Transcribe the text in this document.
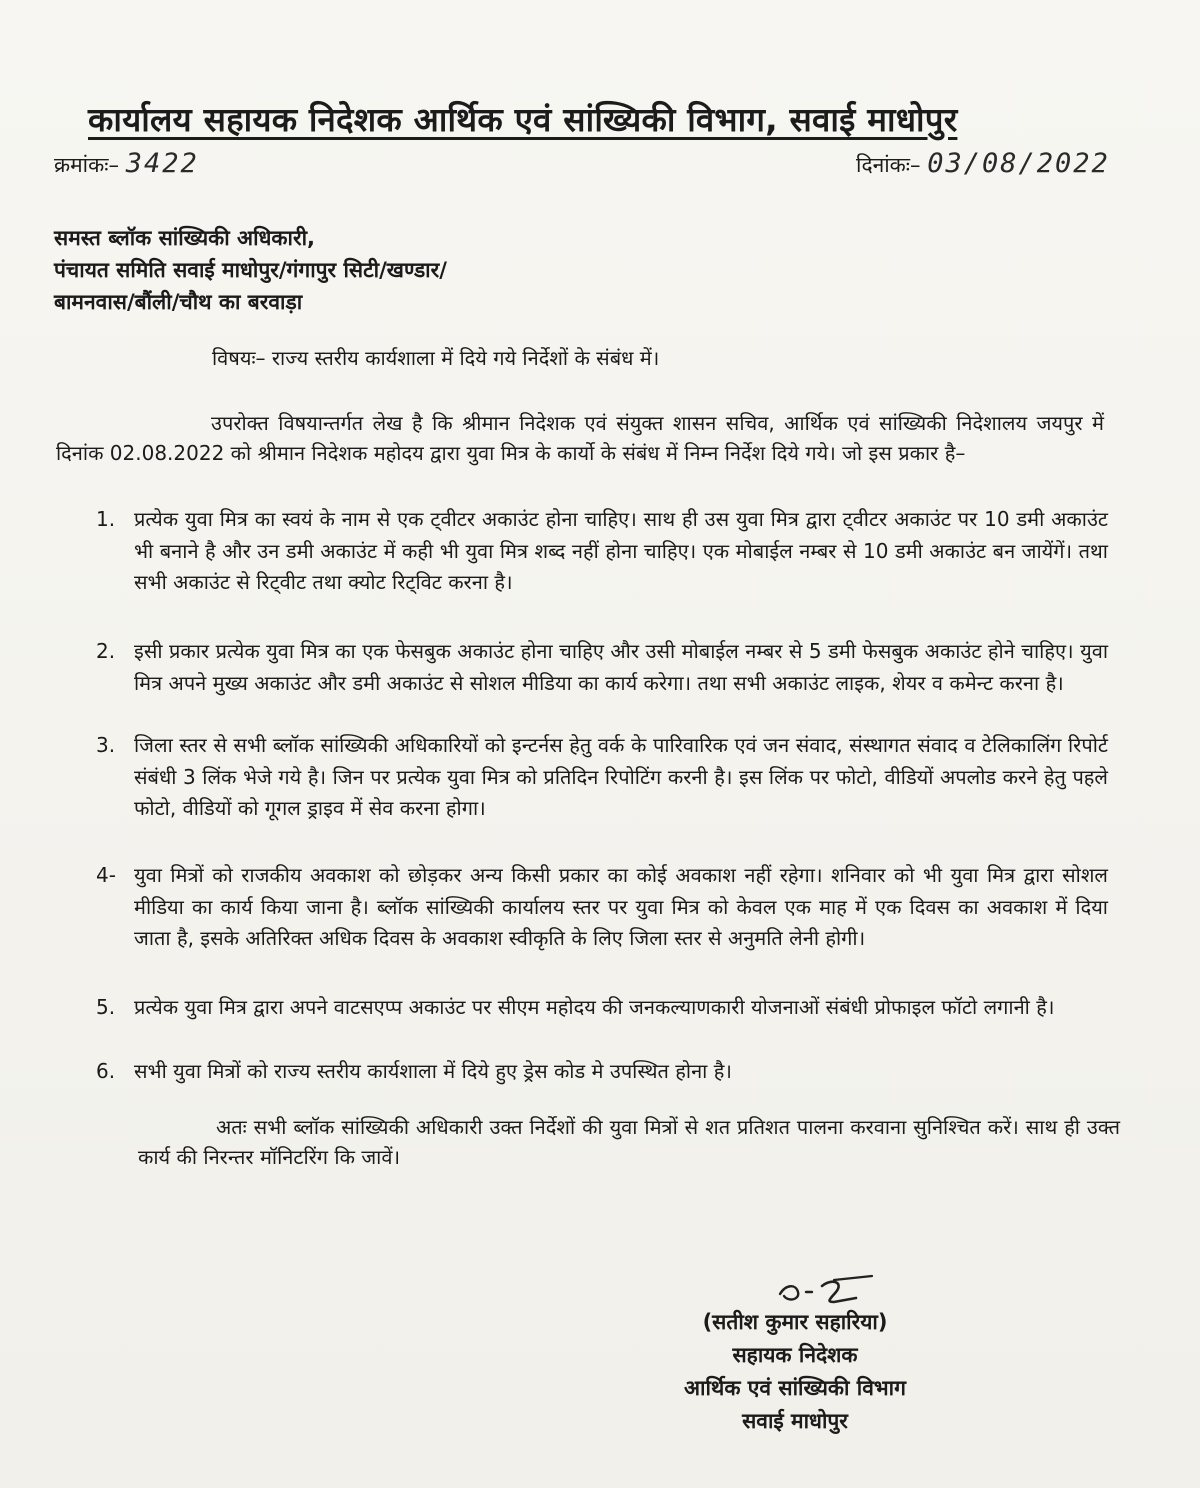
कार्यालय सहायक निदेशक आर्थिक एवं सांख्यिकी विभाग, सवाई माधोपुर
क्रमांकः– 3422	दिनांकः– 03/08/2022
समस्त ब्लॉक सांख्यिकी अधिकारी,
पंचायत समिति सवाई माधोपुर/गंगापुर सिटी/खण्डार/
बामनवास/बौंली/चौथ का बरवाड़ा
विषयः– राज्य स्तरीय कार्यशाला में दिये गये निर्देशों के संबंध में।
उपरोक्त विषयान्तर्गत लेख है कि श्रीमान निदेशक एवं संयुक्त शासन सचिव, आर्थिक एवं सांख्यिकी निदेशालय जयपुर में दिनांक 02.08.2022 को श्रीमान निदेशक महोदय द्वारा युवा मित्र के कार्यो के संबंध में निम्न निर्देश दिये गये। जो इस प्रकार है–
1. प्रत्येक युवा मित्र का स्वयं के नाम से एक ट्वीटर अकाउंट होना चाहिए। साथ ही उस युवा मित्र द्वारा ट्वीटर अकाउंट पर 10 डमी अकाउंट भी बनाने है और उन डमी अकाउंट में कही भी युवा मित्र शब्द नहीं होना चाहिए। एक मोबाईल नम्बर से 10 डमी अकाउंट बन जायेंगें। तथा सभी अकाउंट से रिट्वीट तथा क्योट रिट्विट करना है।
2. इसी प्रकार प्रत्येक युवा मित्र का एक फेसबुक अकाउंट होना चाहिए और उसी मोबाईल नम्बर से 5 डमी फेसबुक अकाउंट होने चाहिए। युवा मित्र अपने मुख्य अकाउंट और डमी अकाउंट से सोशल मीडिया का कार्य करेगा। तथा सभी अकाउंट लाइक, शेयर व कमेन्ट करना है।
3. जिला स्तर से सभी ब्लॉक सांख्यिकी अधिकारियों को इन्टर्नस हेतु वर्क के पारिवारिक एवं जन संवाद, संस्थागत संवाद व टेलिकालिंग रिपोर्ट संबंधी 3 लिंक भेजे गये है। जिन पर प्रत्येक युवा मित्र को प्रतिदिन रिपोटिंग करनी है। इस लिंक पर फोटो, वीडियों अपलोड करने हेतु पहले फोटो, वीडियों को गूगल ड्राइव में सेव करना होगा।
4- युवा मित्रों को राजकीय अवकाश को छोड़कर अन्य किसी प्रकार का कोई अवकाश नहीं रहेगा। शनिवार को भी युवा मित्र द्वारा सोशल मीडिया का कार्य किया जाना है। ब्लॉक सांख्यिकी कार्यालय स्तर पर युवा मित्र को केवल एक माह में एक दिवस का अवकाश में दिया जाता है, इसके अतिरिक्त अधिक दिवस के अवकाश स्वीकृति के लिए जिला स्तर से अनुमति लेनी होगी।
5. प्रत्येक युवा मित्र द्वारा अपने वाटसएप्प अकाउंट पर सीएम महोदय की जनकल्याणकारी योजनाओं संबंधी प्रोफाइल फॉटो लगानी है।
6. सभी युवा मित्रों को राज्य स्तरीय कार्यशाला में दिये हुए ड्रेस कोड मे उपस्थित होना है।
अतः सभी ब्लॉक सांख्यिकी अधिकारी उक्त निर्देशों की युवा मित्रों से शत प्रतिशत पालना करवाना सुनिश्चित करें। साथ ही उक्त कार्य की निरन्तर मॉनिटरिंग कि जावें।
(सतीश कुमार सहारिया)
सहायक निदेशक
आर्थिक एवं सांख्यिकी विभाग
सवाई माधोपुर
